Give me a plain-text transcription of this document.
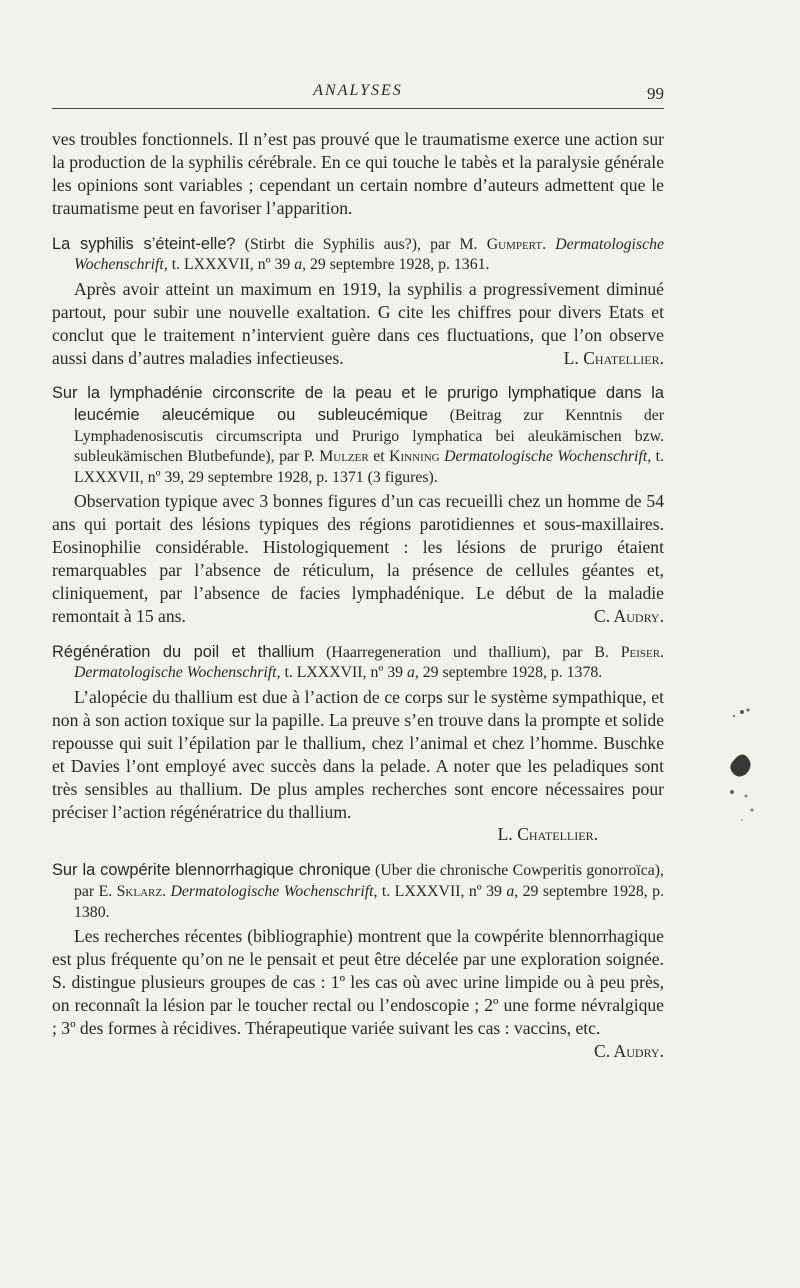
ANALYSES	99

ves troubles fonctionnels. Il n’est pas prouvé que le traumatisme exerce une action sur la production de la syphilis cérébrale. En ce qui touche le tabès et la paralysie générale les opinions sont variables ; cependant un certain nombre d’auteurs admettent que le traumatisme peut en favoriser l’apparition.

La syphilis s’éteint-elle? (Stirbt die Syphilis aus?), par M. Gumpert. Dermatologische Wochenschrift, t. LXXXVII, nº 39 a, 29 septembre 1928, p. 1361.

Après avoir atteint un maximum en 1919, la syphilis a progressivement diminué partout, pour subir une nouvelle exaltation. G cite les chiffres pour divers Etats et conclut que le traitement n’intervient guère dans ces fluctuations, que l’on observe aussi dans d’autres maladies infectieuses.	L. Chatellier.

Sur la lymphadénie circonscrite de la peau et le prurigo lymphatique dans la leucémie aleucémique ou subleucémique (Beitrag zur Kenntnis der Lymphadenosiscutis circumscripta und Prurigo lymphatica bei aleukämischen bzw. subleukämischen Blutbefunde), par P. Mulzer et Kinning Dermatologische Wochenschrift, t. LXXXVII, nº 39, 29 septembre 1928, p. 1371 (3 figures).

Observation typique avec 3 bonnes figures d’un cas recueilli chez un homme de 54 ans qui portait des lésions typiques des régions parotidiennes et sous-maxillaires. Eosinophilie considérable. Histologiquement : les lésions de prurigo étaient remarquables par l’absence de réticulum, la présence de cellules géantes et, cliniquement, par l’absence de facies lymphadénique. Le début de la maladie remontait à 15 ans.	C. Audry.

Régénération du poil et thallium (Haarregeneration und thallium), par B. Peiser. Dermatologische Wochenschrift, t. LXXXVII, nº 39 a, 29 septembre 1928, p. 1378.

L’alopécie du thallium est due à l’action de ce corps sur le système sympathique, et non à son action toxique sur la papille. La preuve s’en trouve dans la prompte et solide repousse qui suit l’épilation par le thallium, chez l’animal et chez l’homme. Buschke et Davies l’ont employé avec succès dans la pelade. A noter que les peladiques sont très sensibles au thallium. De plus amples recherches sont encore nécessaires pour préciser l’action régénératrice du thallium.

L. Chatellier.

Sur la cowpérite blennorrhagique chronique (Uber die chronische Cowperitis gonorroïca), par E. Sklarz. Dermatologische Wochenschrift, t. LXXXVII, nº 39 a, 29 septembre 1928, p. 1380.

Les recherches récentes (bibliographie) montrent que la cowpérite blennorrhagique est plus fréquente qu’on ne le pensait et peut être décelée par une exploration soignée. S. distingue plusieurs groupes de cas : 1º les cas où avec urine limpide ou à peu près, on reconnaît la lésion par le toucher rectal ou l’endoscopie ; 2º une forme névralgique ; 3º des formes à récidives. Thérapeutique variée suivant les cas : vaccins, etc.
C. Audry.
